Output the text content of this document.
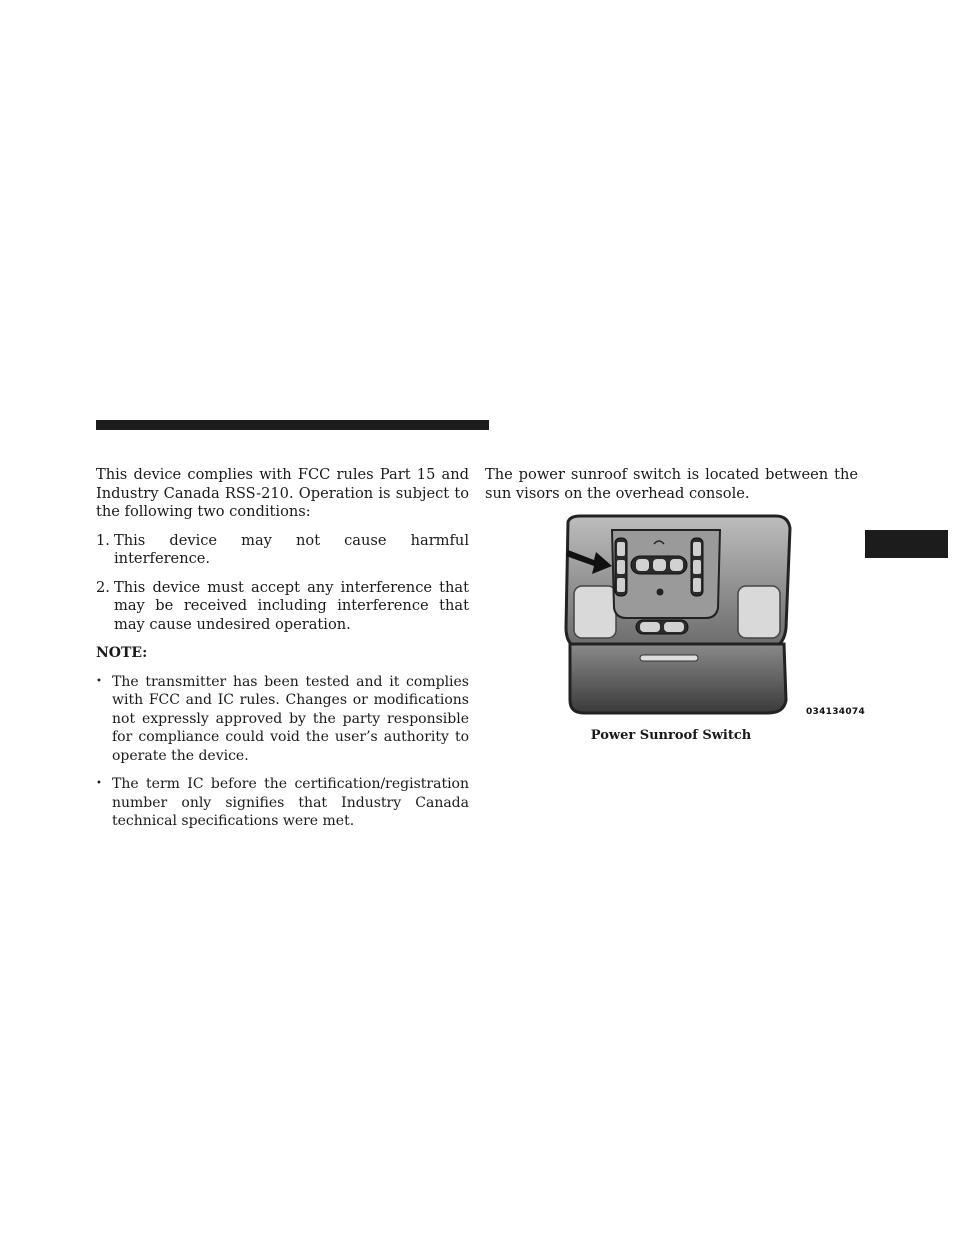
This device complies with FCC rules Part 15 and Industry Canada RSS-210. Operation is subject to the following two conditions:

1. This device may not cause harmful interference.
2. This device must accept any interference that may be received including interference that may cause undesired operation.
NOTE:
• The transmitter has been tested and it complies with FCC and IC rules. Changes or modifications not expressly approved by the party responsible for compliance could void the user’s authority to operate the device.
• The term IC before the certification/registration number only signifies that Industry Canada technical specifications were met.

The power sunroof switch is located between the sun visors on the overhead console.

034134074
Power Sunroof Switch
